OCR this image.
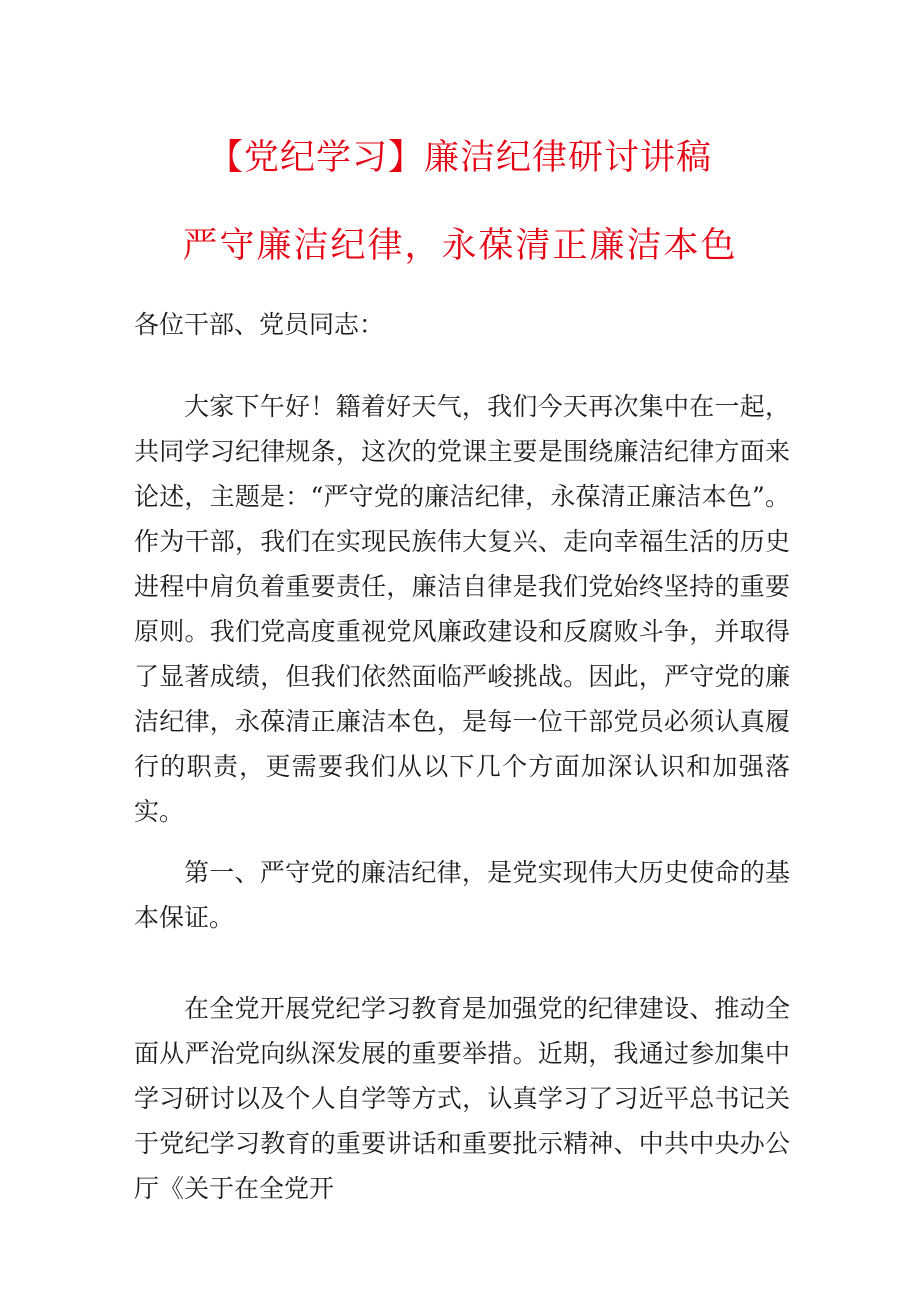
【党纪学习】廉洁纪律研讨讲稿
严守廉洁纪律，永葆清正廉洁本色

各位干部、党员同志：

大家下午好！籍着好天气，我们今天再次集中在一起，共同学习纪律规条，这次的党课主要是围绕廉洁纪律方面来论述，主题是：“严守党的廉洁纪律，永葆清正廉洁本色”。作为干部，我们在实现民族伟大复兴、走向幸福生活的历史进程中肩负着重要责任，廉洁自律是我们党始终坚持的重要原则。我们党高度重视党风廉政建设和反腐败斗争，并取得了显著成绩，但我们依然面临严峻挑战。因此，严守党的廉洁纪律，永葆清正廉洁本色，是每一位干部党员必须认真履行的职责，更需要我们从以下几个方面加深认识和加强落实。

第一、严守党的廉洁纪律，是党实现伟大历史使命的基本保证。

在全党开展党纪学习教育是加强党的纪律建设、推动全面从严治党向纵深发展的重要举措。近期，我通过参加集中学习研讨以及个人自学等方式，认真学习了习近平总书记关于党纪学习教育的重要讲话和重要批示精神、中共中央办公厅《关于在全党开
